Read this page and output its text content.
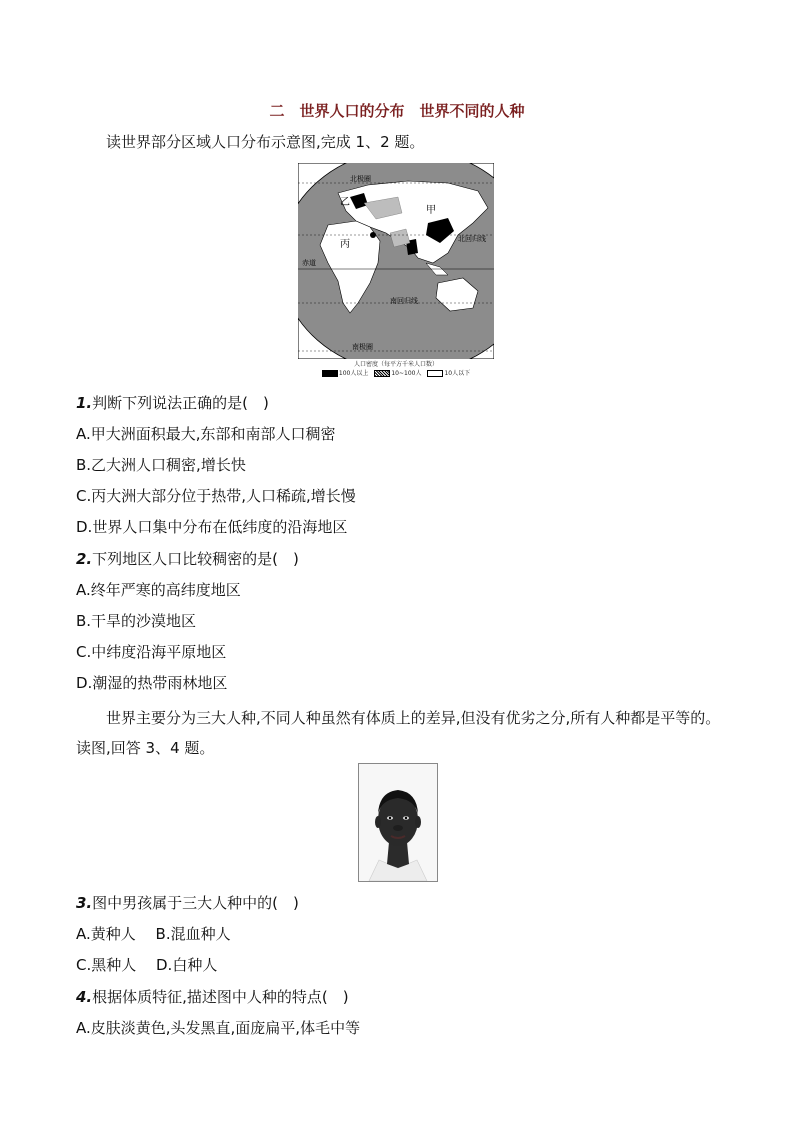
二　世界人口的分布　世界不同的人种
读世界部分区域人口分布示意图,完成 1、2 题。
北极圈
甲
乙
丙	北回归线
赤道
南回归线
南极圈
人口密度（每平方千米人口数）
100人以上	10~100人	10人以下
1.判断下列说法正确的是(　)
A.甲大洲面积最大,东部和南部人口稠密
B.乙大洲人口稠密,增长快
C.丙大洲大部分位于热带,人口稀疏,增长慢
D.世界人口集中分布在低纬度的沿海地区
2.下列地区人口比较稠密的是(　)
A.终年严寒的高纬度地区
B.干旱的沙漠地区
C.中纬度沿海平原地区
D.潮湿的热带雨林地区
世界主要分为三大人种,不同人种虽然有体质上的差异,但没有优劣之分,所有人种都是平等的。读图,回答 3、4 题。
3.图中男孩属于三大人种中的(　)
A.黄种人　 B.混血种人
C.黑种人　 D.白种人
4.根据体质特征,描述图中人种的特点(　)
A.皮肤淡黄色,头发黑直,面庞扁平,体毛中等
